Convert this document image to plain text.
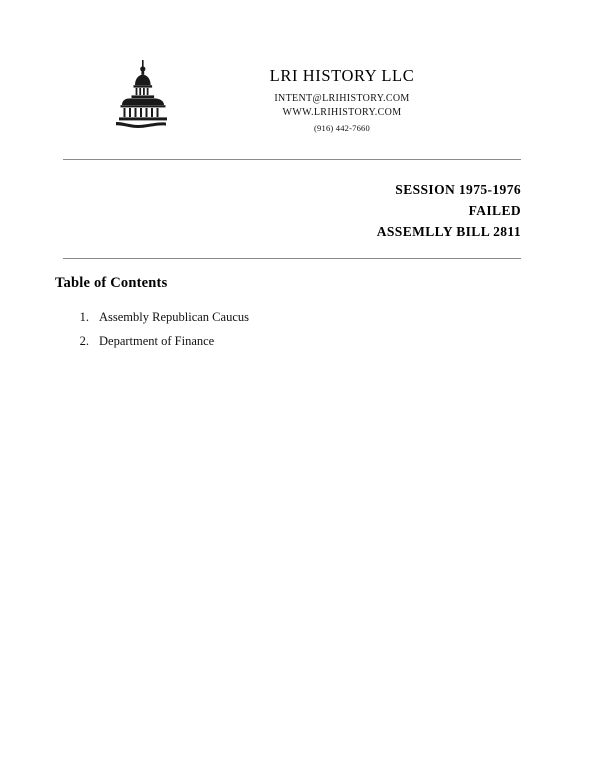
LRI HISTORY LLC
INTENT@LRIHISTORY.COM
WWW.LRIHISTORY.COM
(916) 442-7660
SESSION 1975-1976
FAILED
ASSEMLLY BILL 2811
Table of Contents
1. Assembly Republican Caucus
2. Department of Finance
